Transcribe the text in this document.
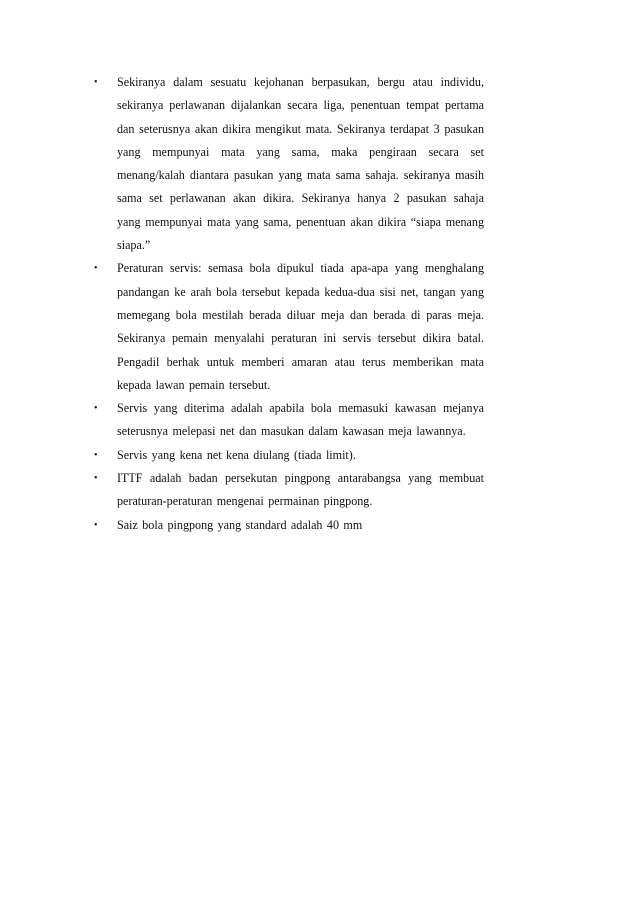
• Sekiranya dalam sesuatu kejohanan berpasukan, bergu atau individu, sekiranya perlawanan dijalankan secara liga, penentuan tempat pertama dan seterusnya akan dikira mengikut mata. Sekiranya terdapat 3 pasukan yang mempunyai mata yang sama, maka pengiraan secara set menang/kalah diantara pasukan yang mata sama sahaja. sekiranya masih sama set perlawanan akan dikira. Sekiranya hanya 2 pasukan sahaja yang mempunyai mata yang sama, penentuan akan dikira “siapa menang siapa.”
• Peraturan servis: semasa bola dipukul tiada apa-apa yang menghalang pandangan ke arah bola tersebut kepada kedua-dua sisi net, tangan yang memegang bola mestilah berada diluar meja dan berada di paras meja. Sekiranya pemain menyalahi peraturan ini servis tersebut dikira batal. Pengadil berhak untuk memberi amaran atau terus memberikan mata kepada lawan pemain tersebut.
• Servis yang diterima adalah apabila bola memasuki kawasan mejanya seterusnya melepasi net dan masukan dalam kawasan meja lawannya.
• Servis yang kena net kena diulang (tiada limit).
• ITTF adalah badan persekutan pingpong antarabangsa yang membuat peraturan-peraturan mengenai permainan pingpong.
• Saiz bola pingpong yang standard adalah 40 mm
